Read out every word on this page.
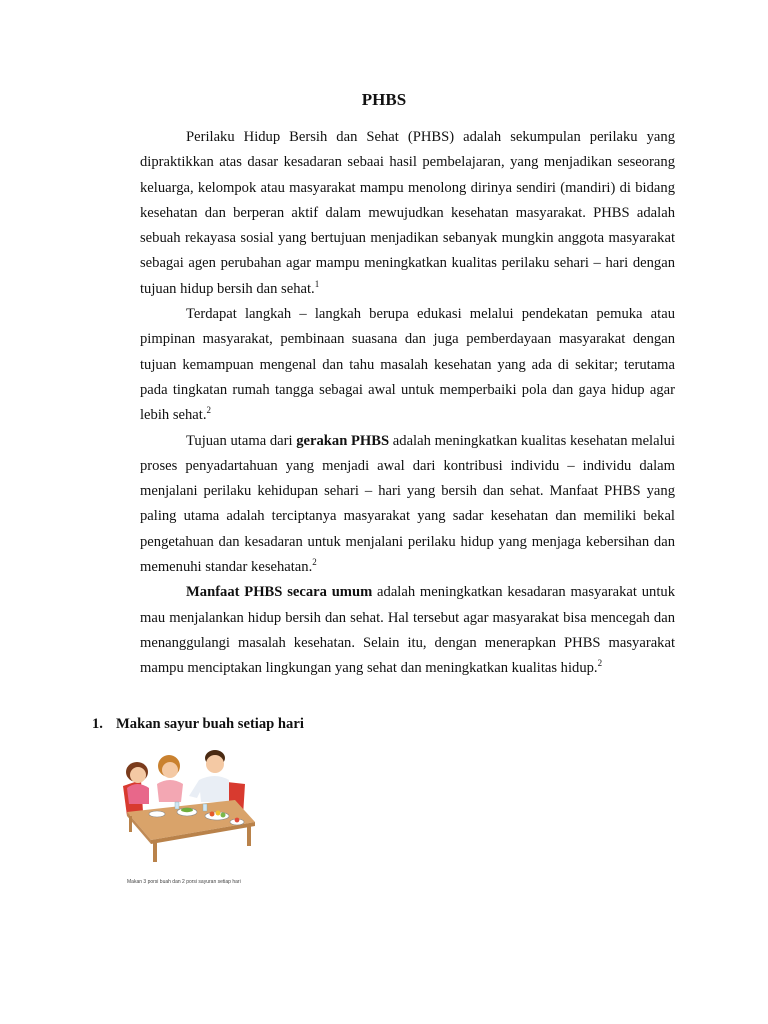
PHBS

Perilaku Hidup Bersih dan Sehat (PHBS) adalah sekumpulan perilaku yang dipraktikkan atas dasar kesadaran sebaai hasil pembelajaran, yang menjadikan seseorang keluarga, kelompok atau masyarakat mampu menolong dirinya sendiri (mandiri) di bidang kesehatan dan berperan aktif dalam mewujudkan kesehatan masyarakat. PHBS adalah sebuah rekayasa sosial yang bertujuan menjadikan sebanyak mungkin anggota masyarakat sebagai agen perubahan agar mampu meningkatkan kualitas perilaku sehari – hari dengan tujuan hidup bersih dan sehat.$^1$

Terdapat langkah – langkah berupa edukasi melalui pendekatan pemuka atau pimpinan masyarakat, pembinaan suasana dan juga pemberdayaan masyarakat dengan tujuan kemampuan mengenal dan tahu masalah kesehatan yang ada di sekitar; terutama pada tingkatan rumah tangga sebagai awal untuk memperbaiki pola dan gaya hidup agar lebih sehat.$^2$

Tujuan utama dari gerakan PHBS adalah meningkatkan kualitas kesehatan melalui proses penyadartahuan yang menjadi awal dari kontribusi individu – individu dalam menjalani perilaku kehidupan sehari – hari yang bersih dan sehat. Manfaat PHBS yang paling utama adalah terciptanya masyarakat yang sadar kesehatan dan memiliki bekal pengetahuan dan kesadaran untuk menjalani perilaku hidup yang menjaga kebersihan dan memenuhi standar kesehatan.$^2$

Manfaat PHBS secara umum adalah meningkatkan kesadaran masyarakat untuk mau menjalankan hidup bersih dan sehat. Hal tersebut agar masyarakat bisa mencegah dan menanggulangi masalah kesehatan. Selain itu, dengan menerapkan PHBS masyarakat mampu menciptakan lingkungan yang sehat dan meningkatkan kualitas hidup.$^2$

1. Makan sayur buah setiap hari
Makan 3 porsi buah dan 2 porsi sayuran setiap hari
